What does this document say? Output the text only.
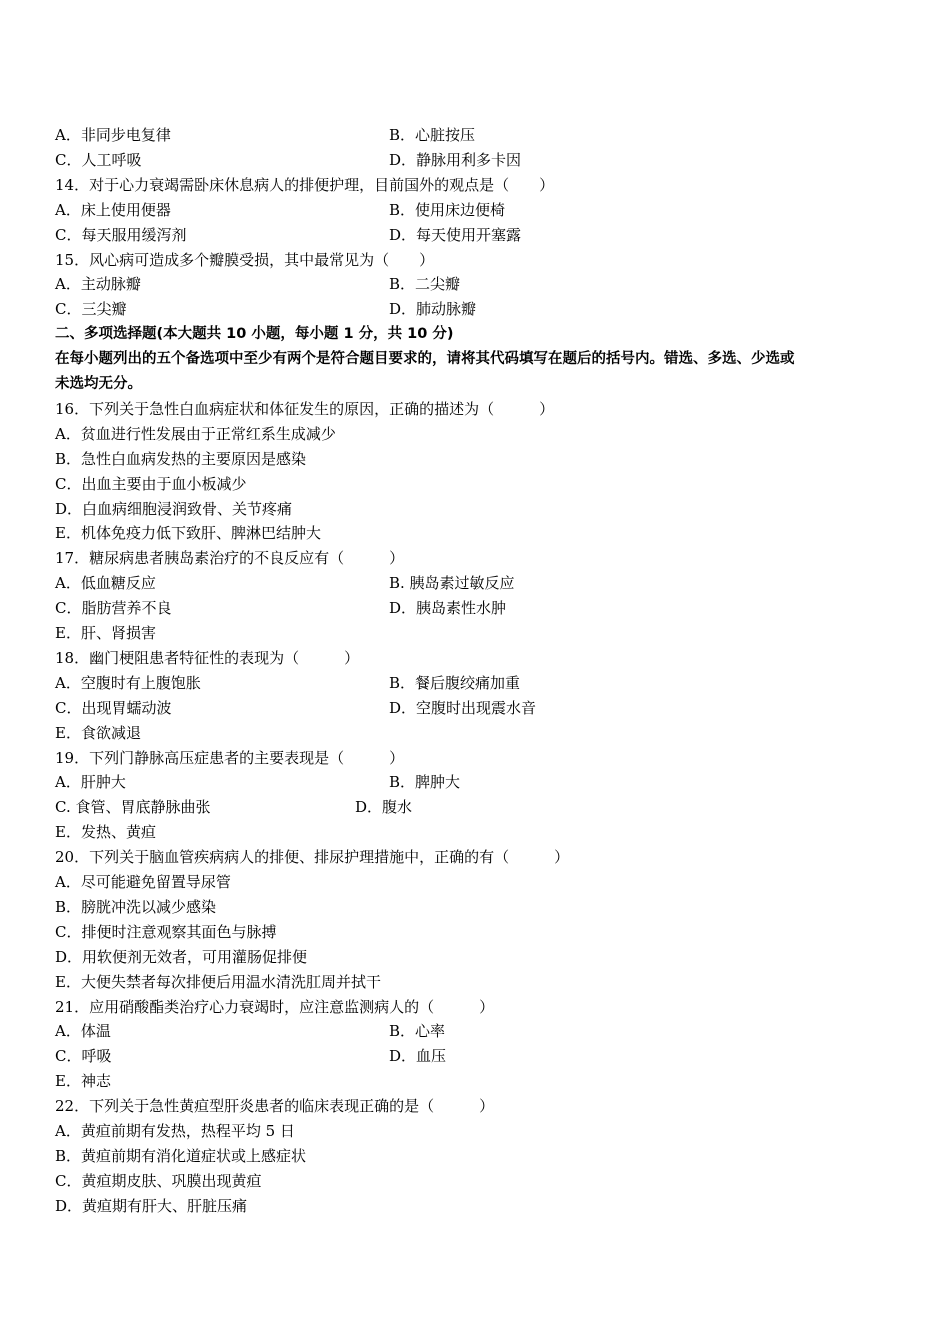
A．非同步电复律	B．心脏按压
C．人工呼吸	D．静脉用利多卡因
14．对于心力衰竭需卧床休息病人的排便护理，目前国外的观点是（　　）
A．床上使用便器	B．使用床边便椅
C．每天服用缓泻剂	D．每天使用开塞露
15．风心病可造成多个瓣膜受损，其中最常见为（　　）
A．主动脉瓣	B．二尖瓣
C．三尖瓣	D．肺动脉瓣
二、多项选择题(本大题共 10 小题，每小题 1 分，共 10 分)
在每小题列出的五个备选项中至少有两个是符合题目要求的，请将其代码填写在题后的括号内。错选、多选、少选或
未选均无分。
16．下列关于急性白血病症状和体征发生的原因，正确的描述为（　　　）
A．贫血进行性发展由于正常红系生成减少
B．急性白血病发热的主要原因是感染
C．出血主要由于血小板减少
D．白血病细胞浸润致骨、关节疼痛
E．机体免疫力低下致肝、脾淋巴结肿大
17．糖尿病患者胰岛素治疗的不良反应有（　　　）
A．低血糖反应	B. 胰岛素过敏反应
C．脂肪营养不良	D．胰岛素性水肿
E．肝、肾损害
18．幽门梗阻患者特征性的表现为（　　　）
A．空腹时有上腹饱胀	B．餐后腹绞痛加重
C．出现胃蠕动波	D．空腹时出现震水音
E．食欲减退
19．下列门静脉高压症患者的主要表现是（　　　）
A．肝肿大	B．脾肿大
C. 食管、胃底静脉曲张	D．腹水
E．发热、黄疸
20．下列关于脑血管疾病病人的排便、排尿护理措施中，正确的有（　　　）
A．尽可能避免留置导尿管
B．膀胱冲洗以减少感染
C．排便时注意观察其面色与脉搏
D．用软便剂无效者，可用灌肠促排便
E．大便失禁者每次排便后用温水清洗肛周并拭干
21．应用硝酸酯类治疗心力衰竭时，应注意监测病人的（　　　）
A．体温	B．心率
C．呼吸	D．血压
E．神志
22．下列关于急性黄疸型肝炎患者的临床表现正确的是（　　　）
A．黄疸前期有发热，热程平均 5 日
B．黄疸前期有消化道症状或上感症状
C．黄疸期皮肤、巩膜出现黄疸
D．黄疸期有肝大、肝脏压痛
